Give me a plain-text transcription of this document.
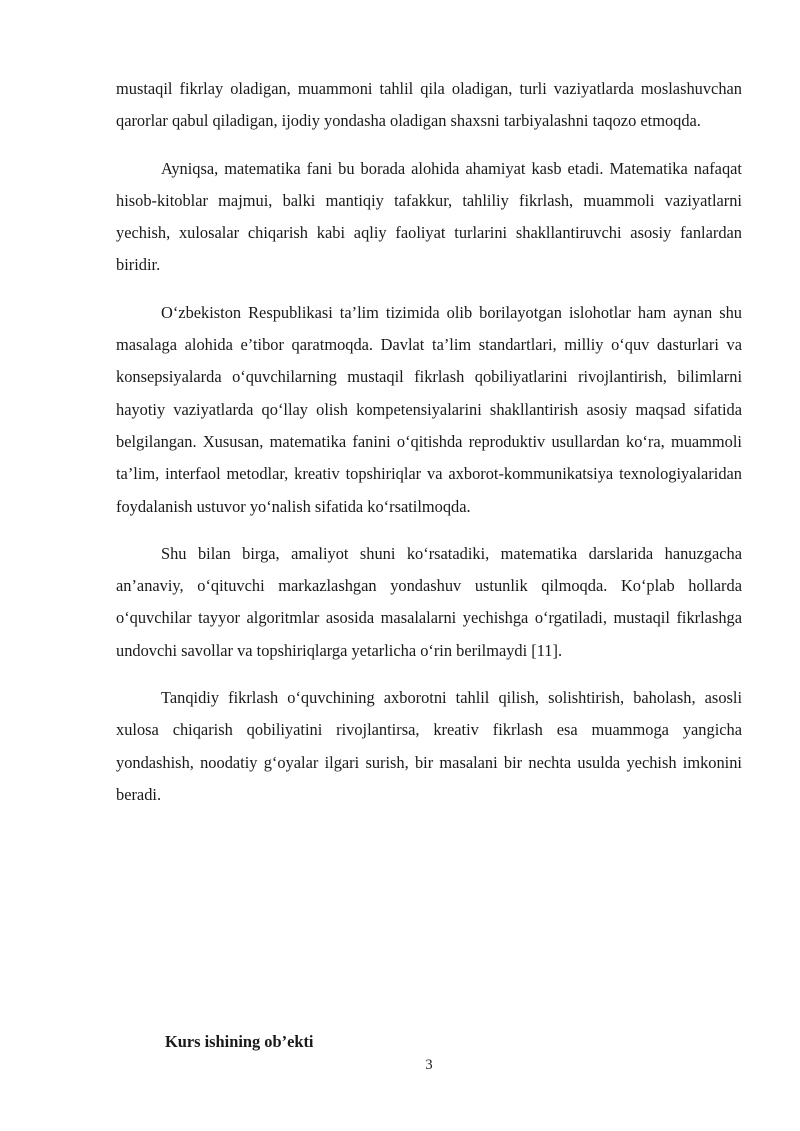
mustaqil fikrlay oladigan, muammoni tahlil qila oladigan, turli vaziyatlarda moslashuvchan qarorlar qabul qiladigan, ijodiy yondasha oladigan shaxsni tarbiyalashni taqozo etmoqda.

Ayniqsa, matematika fani bu borada alohida ahamiyat kasb etadi. Matematika nafaqat hisob-kitoblar majmui, balki mantiqiy tafakkur, tahliliy fikrlash, muammoli vaziyatlarni yechish, xulosalar chiqarish kabi aqliy faoliyat turlarini shakllantiruvchi asosiy fanlardan biridir.

O‘zbekiston Respublikasi ta’lim tizimida olib borilayotgan islohotlar ham aynan shu masalaga alohida e’tibor qaratmoqda. Davlat ta’lim standartlari, milliy o‘quv dasturlari va konsepsiyalarda o‘quvchilarning mustaqil fikrlash qobiliyatlarini rivojlantirish, bilimlarni hayotiy vaziyatlarda qo‘llay olish kompetensiyalarini shakllantirish asosiy maqsad sifatida belgilangan. Xususan, matematika fanini o‘qitishda reproduktiv usullardan ko‘ra, muammoli ta’lim, interfaol metodlar, kreativ topshiriqlar va axborot-kommunikatsiya texnologiyalaridan foydalanish ustuvor yo‘nalish sifatida ko‘rsatilmoqda.

Shu bilan birga, amaliyot shuni ko‘rsatadiki, matematika darslarida hanuzgacha an’anaviy, o‘qituvchi markazlashgan yondashuv ustunlik qilmoqda. Ko‘plab hollarda o‘quvchilar tayyor algoritmlar asosida masalalarni yechishga o‘rgatiladi, mustaqil fikrlashga undovchi savollar va topshiriqlarga yetarlicha o‘rin berilmaydi [11].

Tanqidiy fikrlash o‘quvchining axborotni tahlil qilish, solishtirish, baholash, asosli xulosa chiqarish qobiliyatini rivojlantirsa, kreativ fikrlash esa muammoga yangicha yondashish, noodatiy g‘oyalar ilgari surish, bir masalani bir nechta usulda yechish imkonini beradi.

Kurs ishining ob’ekti

3
